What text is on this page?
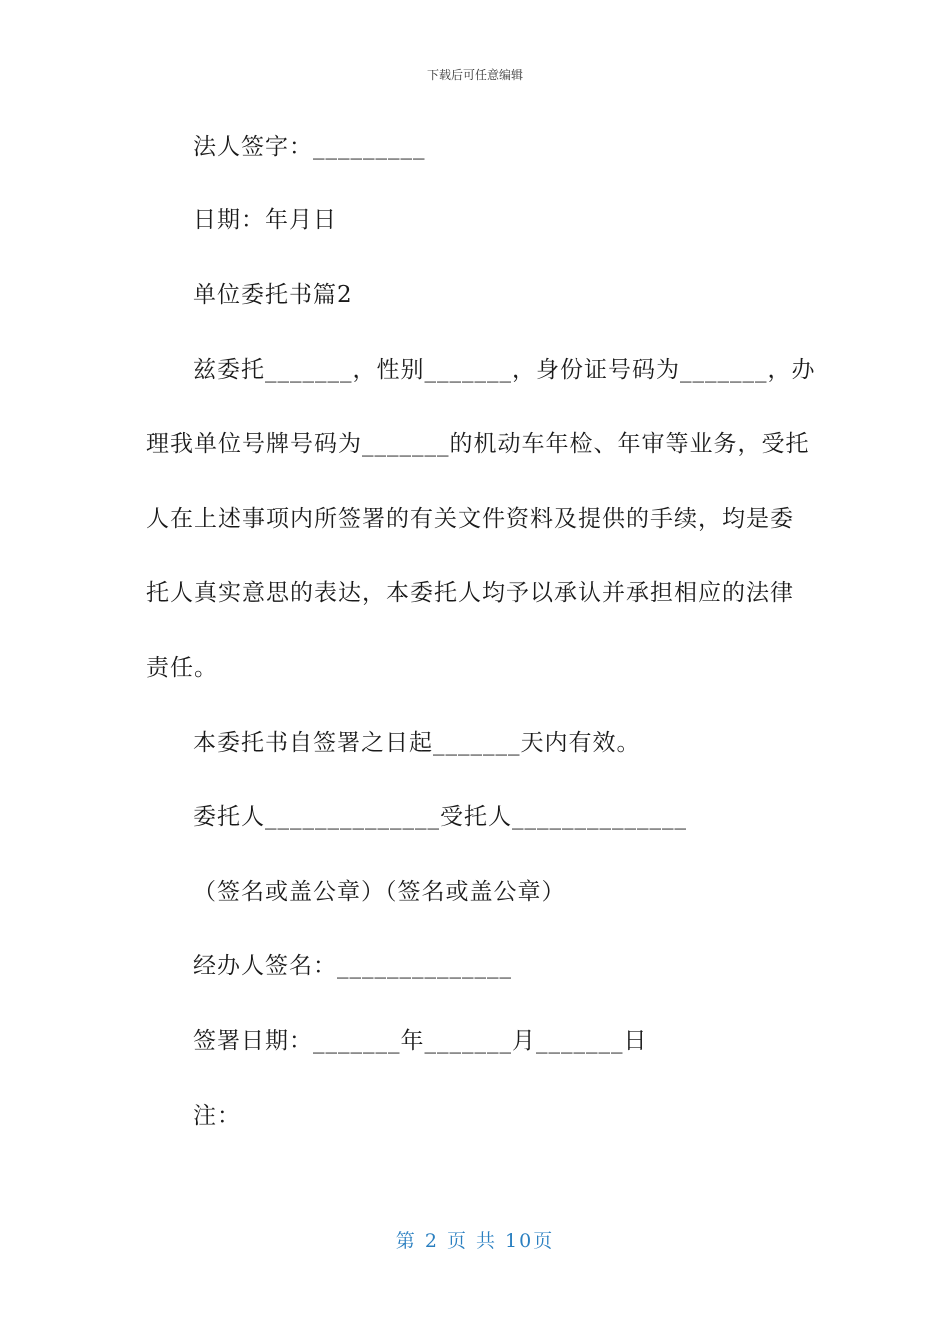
下载后可任意编辑
法人签字：_________
日期：年月日
单位委托书篇2
兹委托_______，性别_______，身份证号码为_______，办
理我单位号牌号码为_______的机动车年检、年审等业务，受托
人在上述事项内所签署的有关文件资料及提供的手续，均是委
托人真实意思的表达，本委托人均予以承认并承担相应的法律
责任。
本委托书自签署之日起_______天内有效。
委托人______________受托人______________
（签名或盖公章）（签名或盖公章）
经办人签名：______________
签署日期：_______年_______月_______日
注：
第 2 页 共 10页
